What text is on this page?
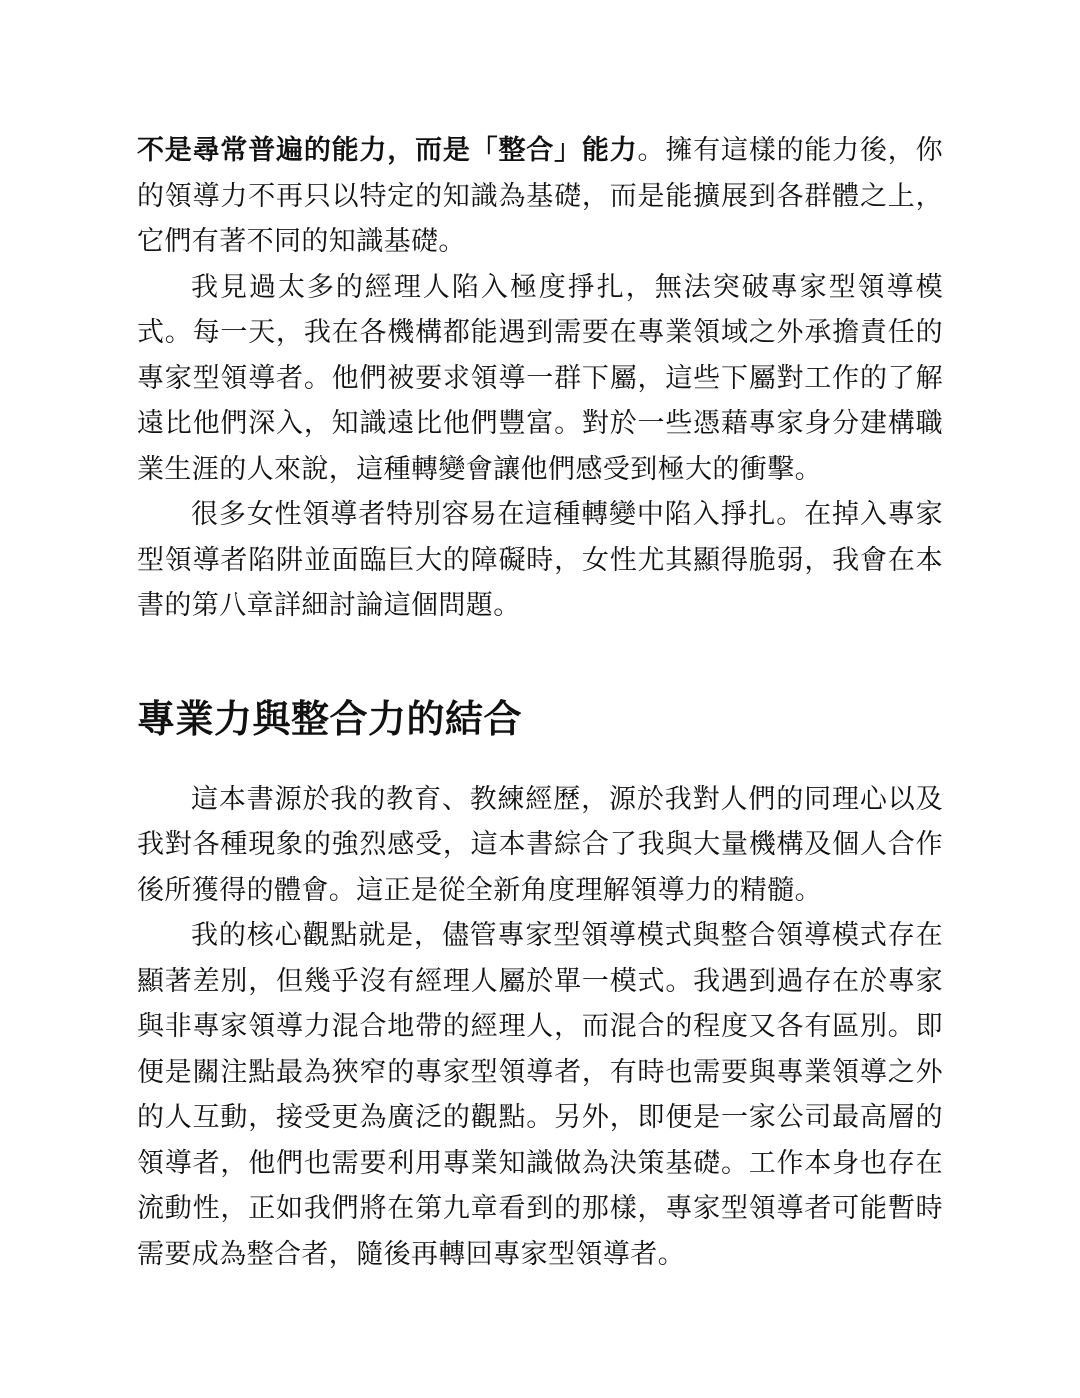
不是尋常普遍的能力，而是「整合」能力。擁有這樣的能力後，你的領導力不再只以特定的知識為基礎，而是能擴展到各群體之上，它們有著不同的知識基礎。

我見過太多的經理人陷入極度掙扎，無法突破專家型領導模式。每一天，我在各機構都能遇到需要在專業領域之外承擔責任的專家型領導者。他們被要求領導一群下屬，這些下屬對工作的了解遠比他們深入，知識遠比他們豐富。對於一些憑藉專家身分建構職業生涯的人來說，這種轉變會讓他們感受到極大的衝擊。

很多女性領導者特別容易在這種轉變中陷入掙扎。在掉入專家型領導者陷阱並面臨巨大的障礙時，女性尤其顯得脆弱，我會在本書的第八章詳細討論這個問題。

專業力與整合力的結合

這本書源於我的教育、教練經歷，源於我對人們的同理心以及我對各種現象的強烈感受，這本書綜合了我與大量機構及個人合作後所獲得的體會。這正是從全新角度理解領導力的精髓。

我的核心觀點就是，儘管專家型領導模式與整合領導模式存在顯著差別，但幾乎沒有經理人屬於單一模式。我遇到過存在於專家與非專家領導力混合地帶的經理人，而混合的程度又各有區別。即便是關注點最為狹窄的專家型領導者，有時也需要與專業領導之外的人互動，接受更為廣泛的觀點。另外，即便是一家公司最高層的領導者，他們也需要利用專業知識做為決策基礎。工作本身也存在流動性，正如我們將在第九章看到的那樣，專家型領導者可能暫時需要成為整合者，隨後再轉回專家型領導者。
